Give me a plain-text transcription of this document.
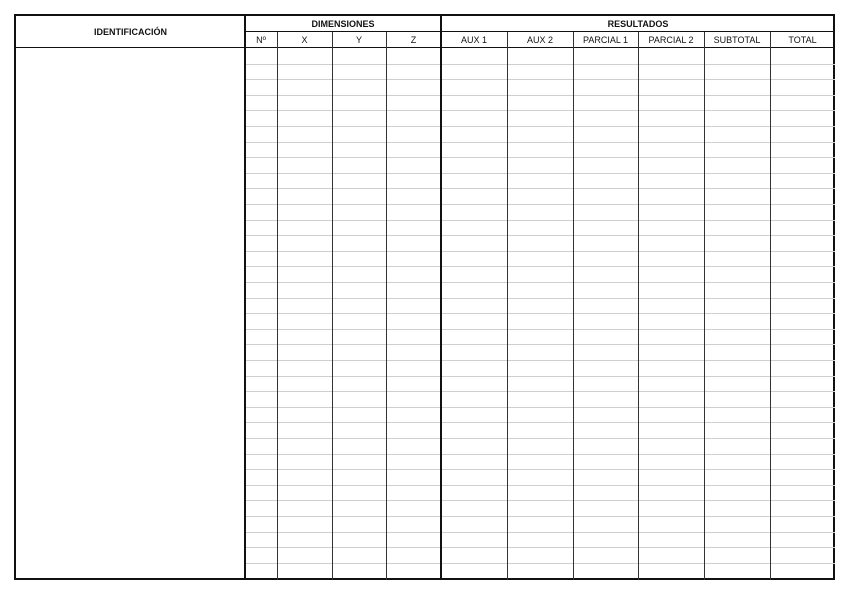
IDENTIFICACIÓN
DIMENSIONES	RESULTADOS
Nº	X	Y	Z	AUX 1	AUX 2	PARCIAL 1	PARCIAL 2	SUBTOTAL	TOTAL
